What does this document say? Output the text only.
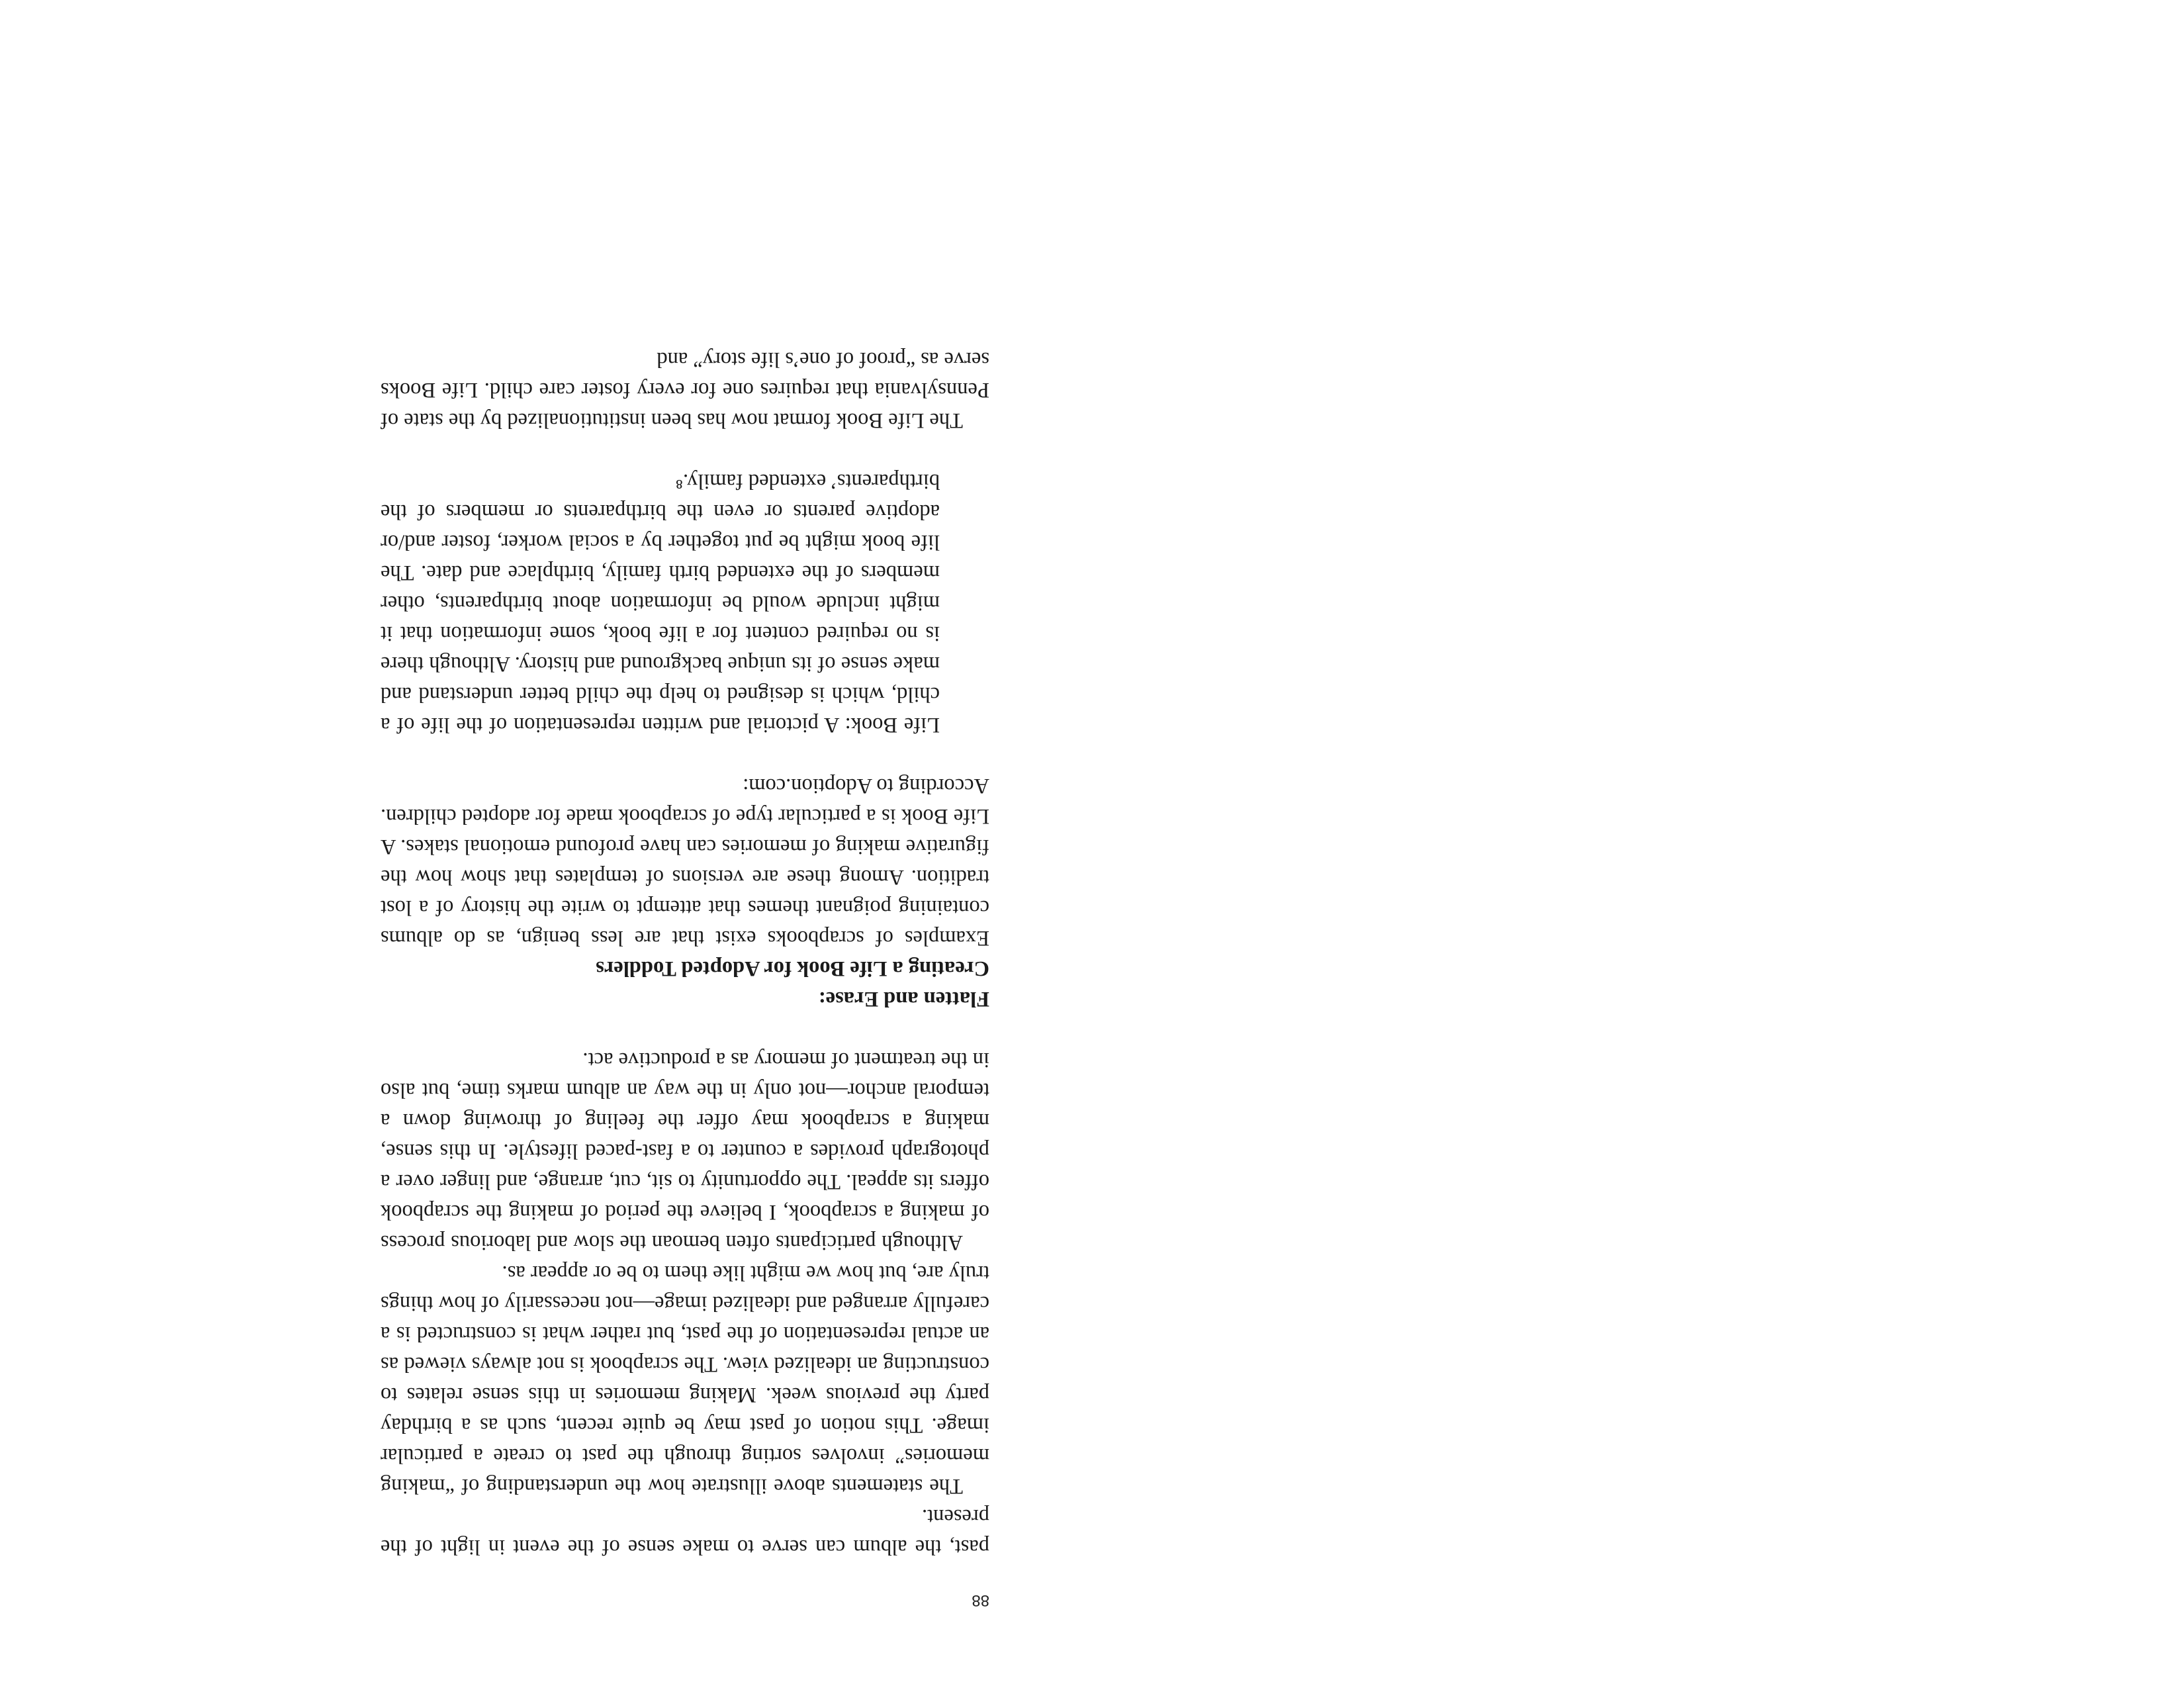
88

past, the album can serve to make sense of the event in light of the present.

The statements above illustrate how the understanding of “making memories” involves sorting through the past to create a particular image. This notion of past may be quite recent, such as a birthday party the previous week. Making memories in this sense relates to constructing an idealized view. The scrapbook is not always viewed as an actual representation of the past, but rather what is constructed is a carefully arranged and idealized image—not necessarily of how things truly are, but how we might like them to be or appear as.

Although participants often bemoan the slow and laborious process of making a scrapbook, I believe the period of making the scrapbook offers its appeal. The opportunity to sit, cut, arrange, and linger over a photograph provides a counter to a fast-paced lifestyle. In this sense, making a scrapbook may offer the feeling of throwing down a temporal anchor—not only in the way an album marks time, but also in the treatment of memory as a productive act.

Flatten and Erase:
Creating a Life Book for Adopted Toddlers

Examples of scrapbooks exist that are less benign, as do albums containing poignant themes that attempt to write the history of a lost tradition. Among these are versions of templates that show how the figurative making of memories can have profound emotional stakes. A Life Book is a particular type of scrapbook made for adopted children. According to Adoption.com:

Life Book: A pictorial and written representation of the life of a child, which is designed to help the child better understand and make sense of its unique background and history. Although there is no required content for a life book, some information that it might include would be information about birthparents, other members of the extended birth family, birthplace and date. The life book might be put together by a social worker, foster and/or adoptive parents or even the birthparents or members of the birthparents’ extended family.⁸

The Life Book format now has been institutionalized by the state of Pennsylvania that requires one for every foster care child. Life Books serve as “proof of one’s life story” and
